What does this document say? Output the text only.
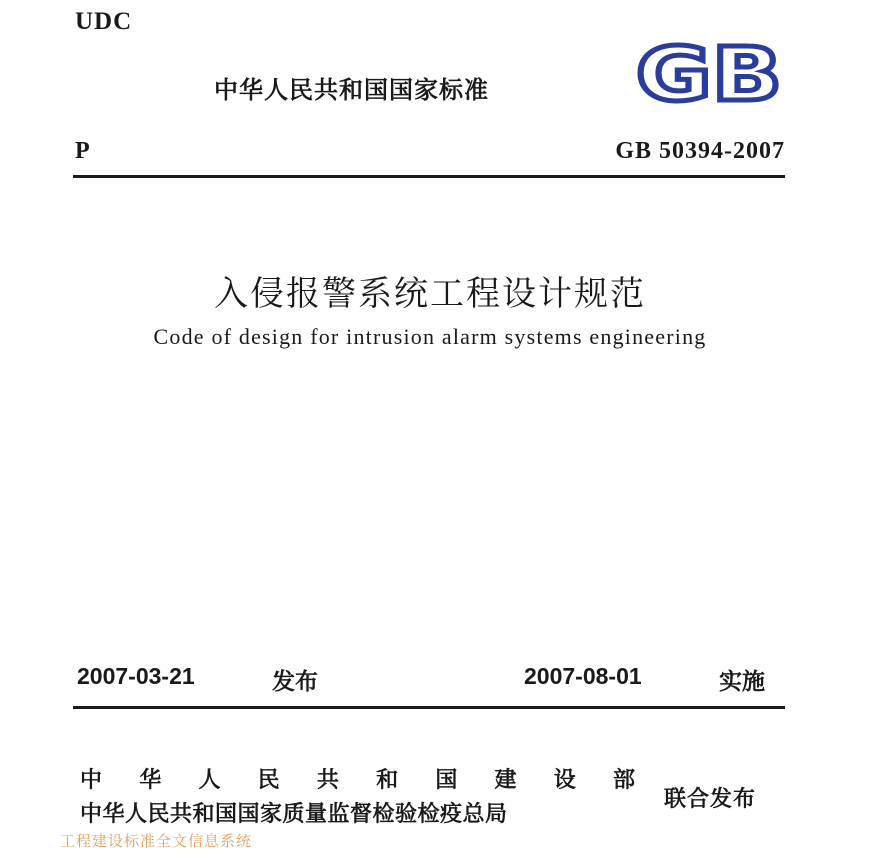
UDC
中华人民共和国国家标准 GB
P	GB 50394-2007
入侵报警系统工程设计规范
Code of design for intrusion alarm systems engineering
2007-03-21	发布	2007-08-01	实施
中 华 人 民 共 和 国 建 设 部
中华人民共和国国家质量监督检验检疫总局
联合发布
工程建设标准全文信息系统
